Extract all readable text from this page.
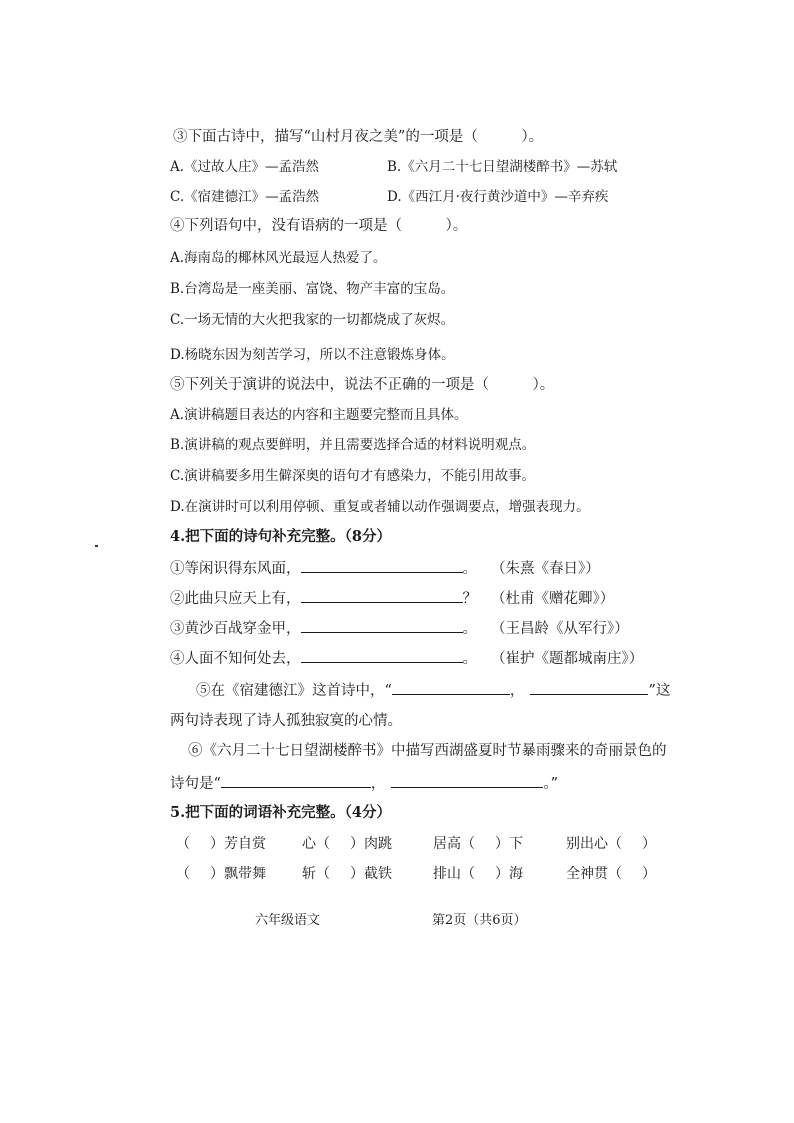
③下面古诗中，描写“山村月夜之美”的一项是（　　　）。
A.《过故人庄》—孟浩然	B.《六月二十七日望湖楼醉书》—苏轼
C.《宿建德江》—孟浩然	D.《西江月·夜行黄沙道中》—辛弃疾
④下列语句中，没有语病的一项是（　　　）。
A.海南岛的椰林风光最逗人热爱了。
B.台湾岛是一座美丽、富饶、物产丰富的宝岛。
C.一场无情的大火把我家的一切都烧成了灰烬。
D.杨晓东因为刻苦学习，所以不注意锻炼身体。
⑤下列关于演讲的说法中，说法不正确的一项是（　　　）。
A.演讲稿题目表达的内容和主题要完整而且具体。
B.演讲稿的观点要鲜明，并且需要选择合适的材料说明观点。
C.演讲稿要多用生僻深奥的语句才有感染力，不能引用故事。
D.在演讲时可以利用停顿、重复或者辅以动作强调要点，增强表现力。
4.把下面的诗句补充完整。（8分）
①等闲识得东风面，	。 （朱熹《春日》）
②此曲只应天上有，	？ （杜甫《赠花卿》）
③黄沙百战穿金甲，	。 （王昌龄《从军行》）
④人面不知何处去，	。 （崔护《题都城南庄》）
⑤在《宿建德江》这首诗中，“	，	”这
两句诗表现了诗人孤独寂寞的心情。
⑥《六月二十七日望湖楼醉书》中描写西湖盛夏时节暴雨骤来的奇丽景色的
诗句是“	，	。”
5.把下面的词语补充完整。（4分）
（ ）芳自赏	心（ ）肉跳	居高（ ）下	别出心（ ）
（ ）飘带舞	斩（ ）截铁	排山（ ）海	全神贯（ ）
六年级语文	第2页（共6页）
